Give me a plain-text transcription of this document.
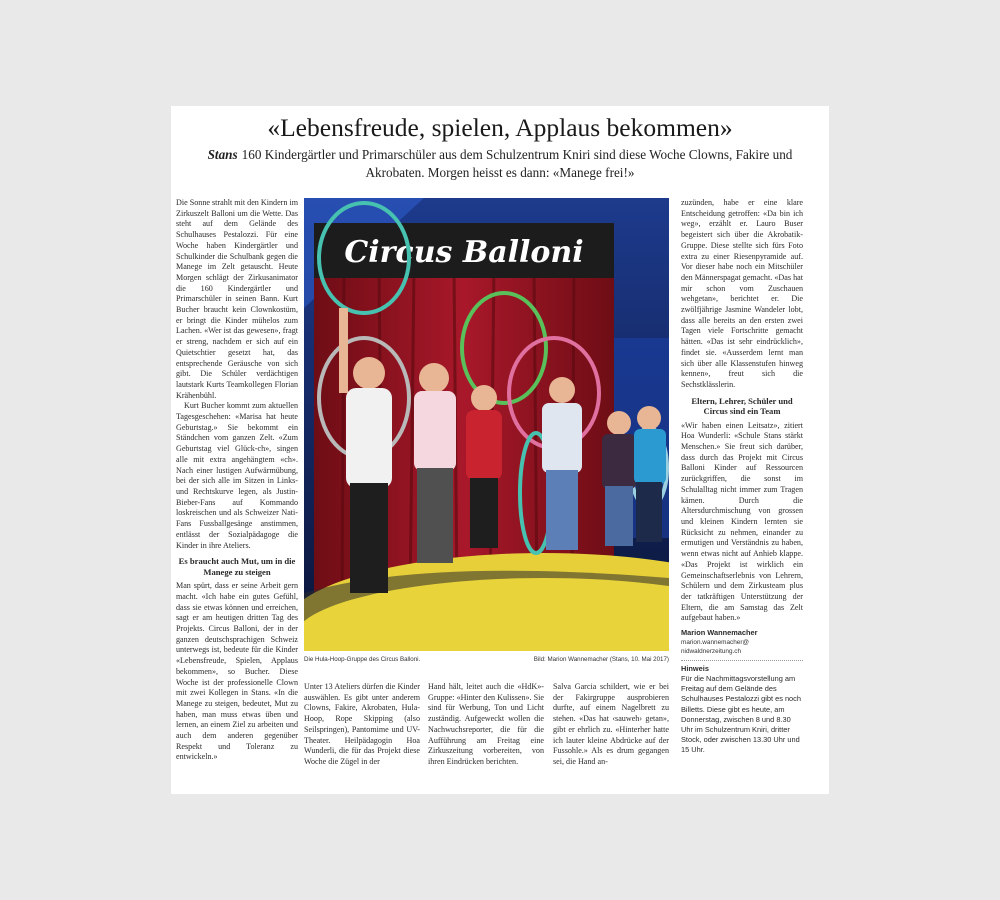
«Lebensfreude, spielen, Applaus bekommen»
Stans 160 Kindergärtler und Primarschüler aus dem Schulzentrum Kniri sind diese Woche Clowns, Fakire und Akrobaten. Morgen heisst es dann: «Manege frei!»

Die Sonne strahlt mit den Kindern im Zirkuszelt Balloni um die Wette. Das steht auf dem Gelände des Schulhauses Pestalozzi. Für eine Woche haben Kindergärtler und Schulkinder die Schulbank gegen die Manege im Zelt getauscht. Heute Morgen schlägt der Zirkusanimator die 160 Kindergärtler und Primarschüler in seinen Bann. Kurt Bucher braucht kein Clownkostüm, er bringt die Kinder mühelos zum Lachen. «Wer ist das gewesen», fragt er streng, nachdem er sich auf ein Quietschtier gesetzt hat, das entsprechende Geräusche von sich gibt. Die Schüler verdächtigen lautstark Kurts Teamkollegen Florian Krähenbühl.

Kurt Bucher kommt zum aktuellen Tagesgeschehen: «Marisa hat heute Geburtstag.» Sie bekommt ein Ständchen vom ganzen Zelt. «Zum Geburtstag viel Glück-ch», singen alle mit extra angehängtem «ch». Nach einer lustigen Aufwärmübung, bei der sich alle im Sitzen in Links- und Rechtskurve legen, als Justin-Bieber-Fans auf Kommando loskreischen und als Schweizer Nati-Fans Fussballgesänge anstimmen, entlässt der Sozialpädagoge die Kinder in ihre Ateliers.

Es braucht auch Mut, um in die Manege zu steigen

Man spürt, dass er seine Arbeit gern macht. «Ich habe ein gutes Gefühl, dass sie etwas können und erreichen, sagt er am heutigen dritten Tag des Projekts. Circus Balloni, der in der ganzen deutschsprachigen Schweiz unterwegs ist, bedeute für die Kinder «Lebensfreude, Spielen, Applaus bekommen», so Bucher. Diese Woche ist der professionelle Clown mit zwei Kollegen in Stans. «In die Manege zu steigen, bedeutet, Mut zu haben, man muss etwas üben und lernen, an einem Ziel zu arbeiten und auch dem anderen gegenüber Respekt und Toleranz zu entwickeln.»

Circus Balloni
Die Hula-Hoop-Gruppe des Circus Balloni.	Bild: Marion Wannemacher (Stans, 10. Mai 2017)

Unter 13 Ateliers dürfen die Kinder auswählen. Es gibt unter anderem Clowns, Fakire, Akrobaten, Hula-Hoop, Rope Skipping (also Seilspringen), Pantomime und UV-Theater. Heilpädagogin Hoa Wunderli, die für das Projekt diese Woche die Zügel in der

Hand hält, leitet auch die «HdK»-Gruppe: «Hinter den Kulissen». Sie sind für Werbung, Ton und Licht zuständig. Aufgeweckt wollen die Nachwuchsreporter, die für die Aufführung am Freitag eine Zirkuszeitung vorbereiten, von ihren Eindrücken berichten.

Salva Garcia schildert, wie er bei der Fakirgruppe ausprobieren durfte, auf einem Nagelbrett zu stehen. «Das hat ‹sauweh› getan», gibt er ehrlich zu. «Hinterher hatte ich lauter kleine Abdrücke auf der Fussohle.» Als es drum gegangen sei, die Hand an-

zuzünden, habe er eine klare Entscheidung getroffen: «Da bin ich weg», erzählt er. Lauro Buser begeistert sich über die Akrobatik-Gruppe. Diese stellte sich fürs Foto extra zu einer Riesenpyramide auf. Vor dieser habe noch ein Mitschüler den Männerspagat gemacht. «Das hat mir schon vom Zuschauen wehgetan», berichtet er. Die zwölfjährige Jasmine Wandeler lobt, dass alle bereits an den ersten zwei Tagen viele Fortschritte gemacht hätten. «Das ist sehr eindrücklich», findet sie. «Ausserdem lernt man sich über alle Klassenstufen hinweg kennen», freut sich die Sechstklässlerin.

Eltern, Lehrer, Schüler und Circus sind ein Team

«Wir haben einen Leitsatz», zitiert Hoa Wunderli: «Schule Stans stärkt Menschen.» Sie freut sich darüber, dass durch das Projekt mit Circus Balloni Kinder auf Ressourcen zurückgriffen, die sonst im Schulalltag nicht immer zum Tragen kämen. Durch die Altersdurchmischung von grossen und kleinen Kindern lernten sie Rücksicht zu nehmen, einander zu ermutigen und Verständnis zu haben, wenn etwas nicht auf Anhieb klappe. «Das Projekt ist wirklich ein Gemeinschaftserlebnis von Lehrern, Schülern und dem Zirkusteam plus der tatkräftigen Unterstützung der Eltern, die am Samstag das Zelt aufgebaut haben.»

Marion Wannemacher
marion.wannemacher@
nidwaldnerzeitung.ch
Hinweis
Für die Nachmittagsvorstellung am Freitag auf dem Gelände des Schulhauses Pestalozzi gibt es noch Billetts. Diese gibt es heute, am Donnerstag, zwischen 8 und 8.30 Uhr im Schulzentrum Kniri, dritter Stock, oder zwischen 13.30 Uhr und 15 Uhr.
